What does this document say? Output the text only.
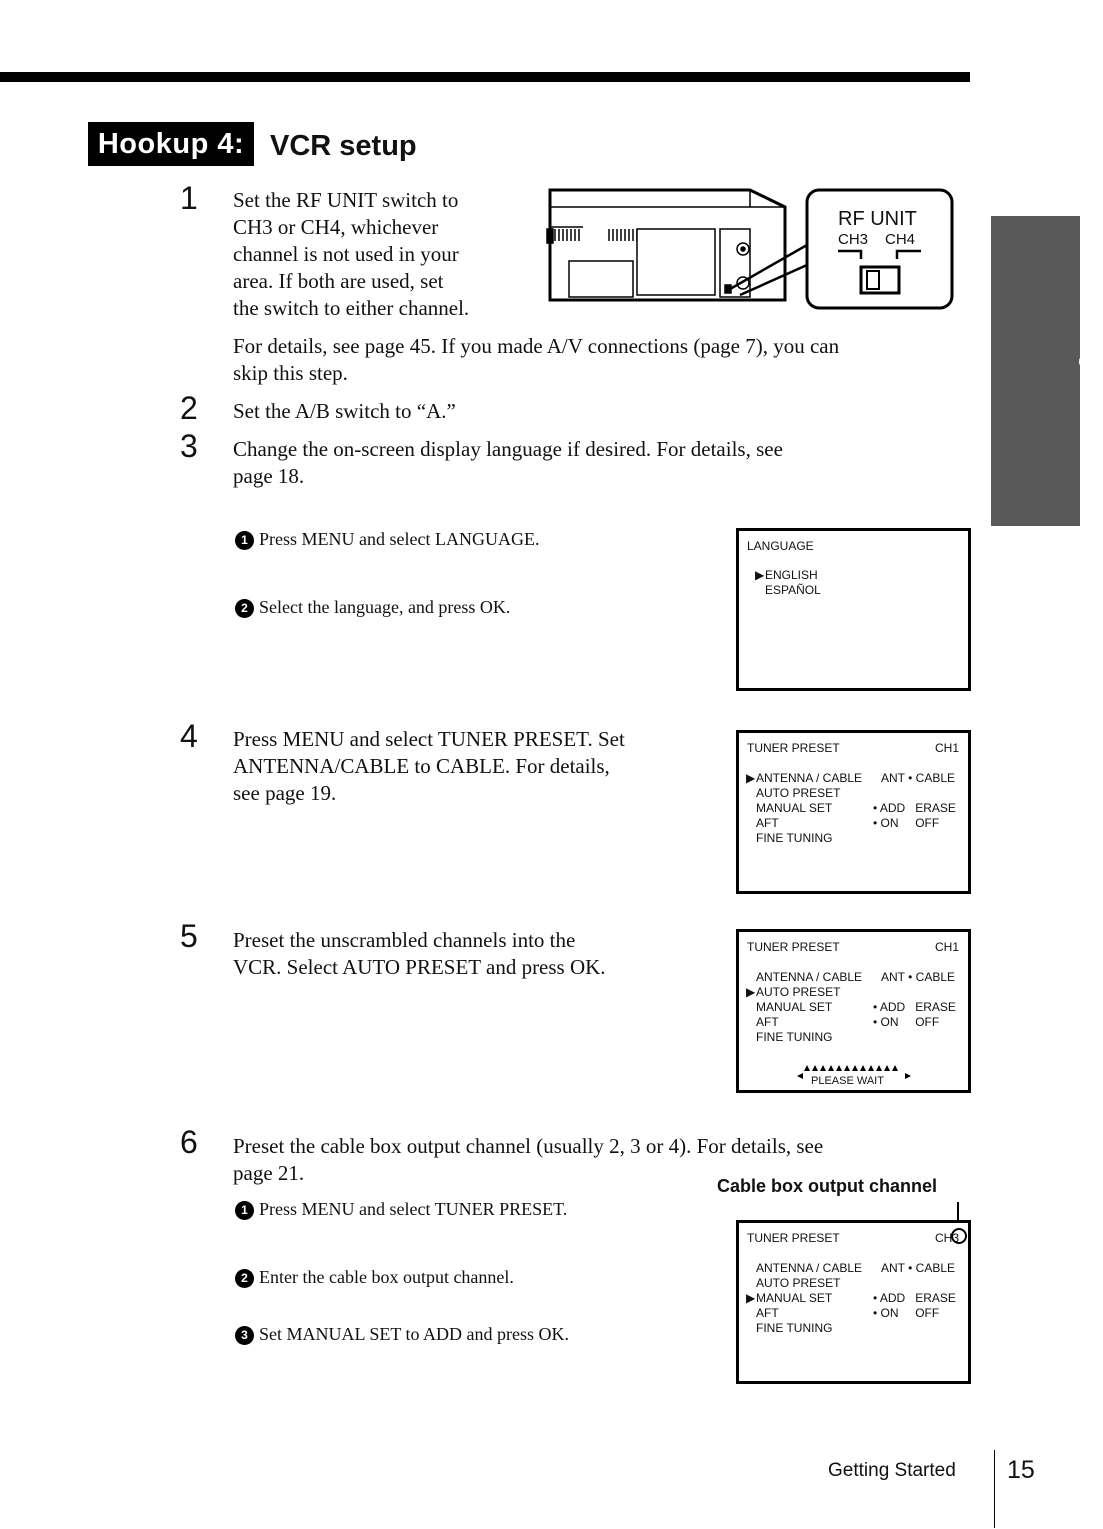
Hookup 4: VCR setup
Getting Started
1 Set the RF UNIT switch to
CH3 or CH4, whichever
channel is not used in your
area. If both are used, set
the switch to either channel.
RF UNIT
CH3 CH4
For details, see page 45. If you made A/V connections (page 7), you can
skip this step.
2 Set the A/B switch to “A.”
3 Change the on-screen display language if desired. For details, see
page 18.
1 Press MENU and select LANGUAGE.
2 Select the language, and press OK.
LANGUAGE
▶ ENGLISH
ESPAÑOL
4 Press MENU and select TUNER PRESET. Set
ANTENNA/CABLE to CABLE. For details,
see page 19.
TUNER PRESET	CH1
▶ ANTENNA / CABLE ANT • CABLE
AUTO PRESET
MANUAL SET	• ADD   ERASE
AFT	• ON     OFF
FINE TUNING
5 Preset the unscrambled channels into the
VCR. Select AUTO PRESET and press OK.
TUNER PRESET	CH1
ANTENNA / CABLE ANT • CABLE
▶ AUTO PRESET
MANUAL SET	• ADD   ERASE
AFT	• ON     OFF
FINE TUNING
PLEASE WAIT
6 Preset the cable box output channel (usually 2, 3 or 4). For details, see
page 21.
1 Press MENU and select TUNER PRESET.
2 Enter the cable box output channel.
3 Set MANUAL SET to ADD and press OK.
Cable box output channel
TUNER PRESET	CH3
ANTENNA / CABLE ANT • CABLE
AUTO PRESET
▶ MANUAL SET	• ADD   ERASE
AFT	• ON     OFF
FINE TUNING
Getting Started 15
